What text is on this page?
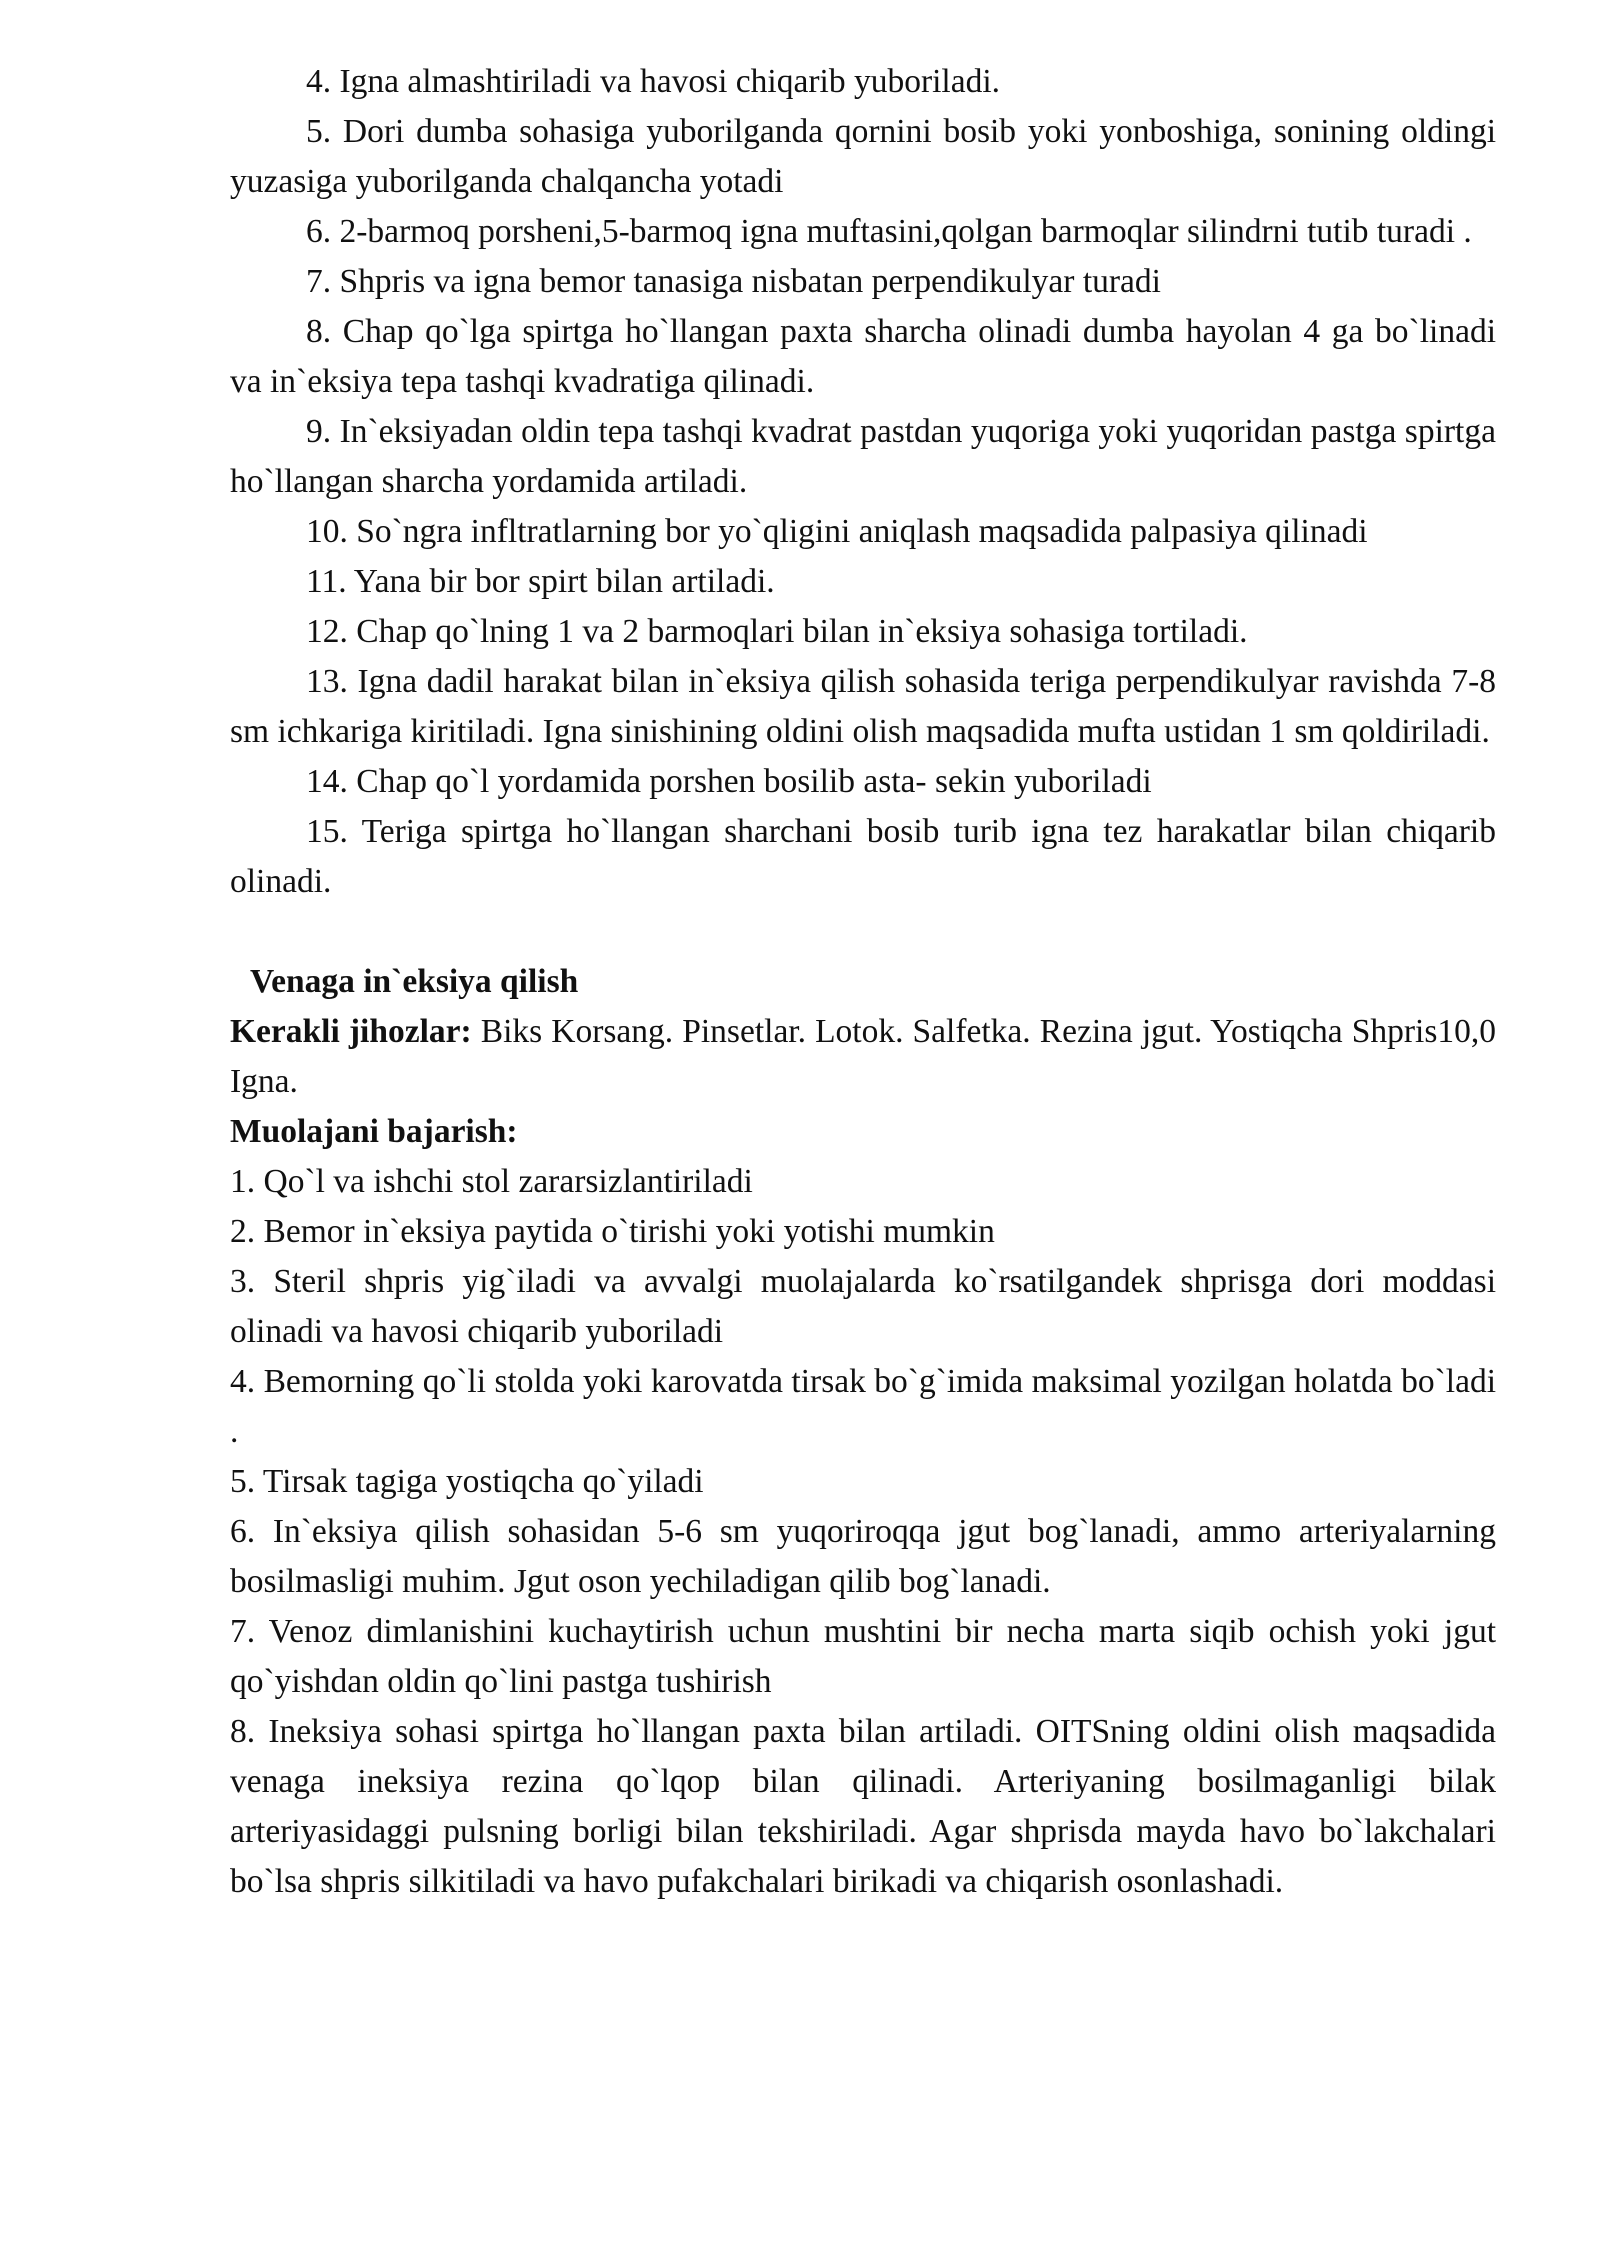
4. Igna almashtiriladi va havosi chiqarib yuboriladi.

5. Dori dumba sohasiga yuborilganda qornini bosib yoki yonboshiga, sonining oldingi yuzasiga yuborilganda chalqancha yotadi

6. 2-barmoq porsheni,5-barmoq igna muftasini,qolgan barmoqlar silindrni tutib turadi .

7. Shpris va igna bemor tanasiga nisbatan perpendikulyar turadi

8. Chap qo`lga spirtga ho`llangan paxta sharcha olinadi dumba hayolan 4 ga bo`linadi va in`eksiya tepa tashqi kvadratiga qilinadi.

9. In`eksiyadan oldin tepa tashqi kvadrat pastdan yuqoriga yoki yuqoridan pastga spirtga ho`llangan sharcha yordamida artiladi.

10. So`ngra infltratlarning bor yo`qligini aniqlash maqsadida palpasiya qilinadi

11. Yana bir bor spirt bilan artiladi.

12. Chap qo`lning 1 va 2 barmoqlari bilan in`eksiya sohasiga tortiladi.

13. Igna dadil harakat bilan in`eksiya qilish sohasida teriga perpendikulyar ravishda 7-8 sm ichkariga kiritiladi. Igna sinishining oldini olish maqsadida mufta ustidan 1 sm qoldiriladi.

14. Chap qo`l yordamida porshen bosilib asta- sekin yuboriladi

15. Teriga spirtga ho`llangan sharchani bosib turib igna tez harakatlar bilan chiqarib olinadi.

Venaga in`eksiya qilish

Kerakli jihozlar: Biks Korsang. Pinsetlar. Lotok. Salfetka. Rezina jgut. Yostiqcha Shpris10,0 Igna.

Muolajani bajarish:

1. Qo`l va ishchi stol zararsizlantiriladi

2. Bemor in`eksiya paytida o`tirishi yoki yotishi mumkin

3. Steril shpris yig`iladi va avvalgi muolajalarda ko`rsatilgandek shprisga dori moddasi olinadi va havosi chiqarib yuboriladi

4. Bemorning qo`li stolda yoki karovatda tirsak bo`g`imida maksimal yozilgan holatda bo`ladi .

5. Tirsak tagiga yostiqcha qo`yiladi

6. In`eksiya qilish sohasidan 5-6 sm yuqoriroqqa jgut bog`lanadi, ammo arteriyalarning bosilmasligi muhim. Jgut oson yechiladigan qilib bog`lanadi.

7. Venoz dimlanishini kuchaytirish uchun mushtini bir necha marta siqib ochish yoki jgut qo`yishdan oldin qo`lini pastga tushirish

8. Ineksiya sohasi spirtga ho`llangan paxta bilan artiladi. OITSning oldini olish maqsadida venaga ineksiya rezina qo`lqop bilan qilinadi. Arteriyaning bosilmaganligi bilak arteriyasidaggi pulsning borligi bilan tekshiriladi. Agar shprisda mayda havo bo`lakchalari bo`lsa shpris silkitiladi va havo pufakchalari birikadi va chiqarish osonlashadi.
